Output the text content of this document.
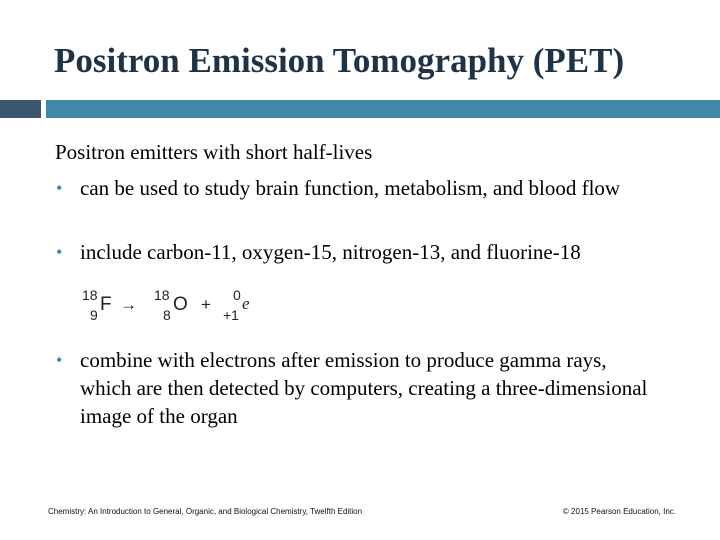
Positron Emission Tomography (PET)
Positron emitters with short half-lives
• can be used to study brain function, metabolism, and blood flow
• include carbon-11, oxygen-15, nitrogen-13, and fluorine-18
18
9 F → 18
8 O + 0
+1
e
• combine with electrons after emission to produce gamma rays, which are then detected by computers, creating a three-dimensional image of the organ
Chemistry: An Introduction to General, Organic, and Biological Chemistry, Twelfth Edition	© 2015 Pearson Education, Inc.
